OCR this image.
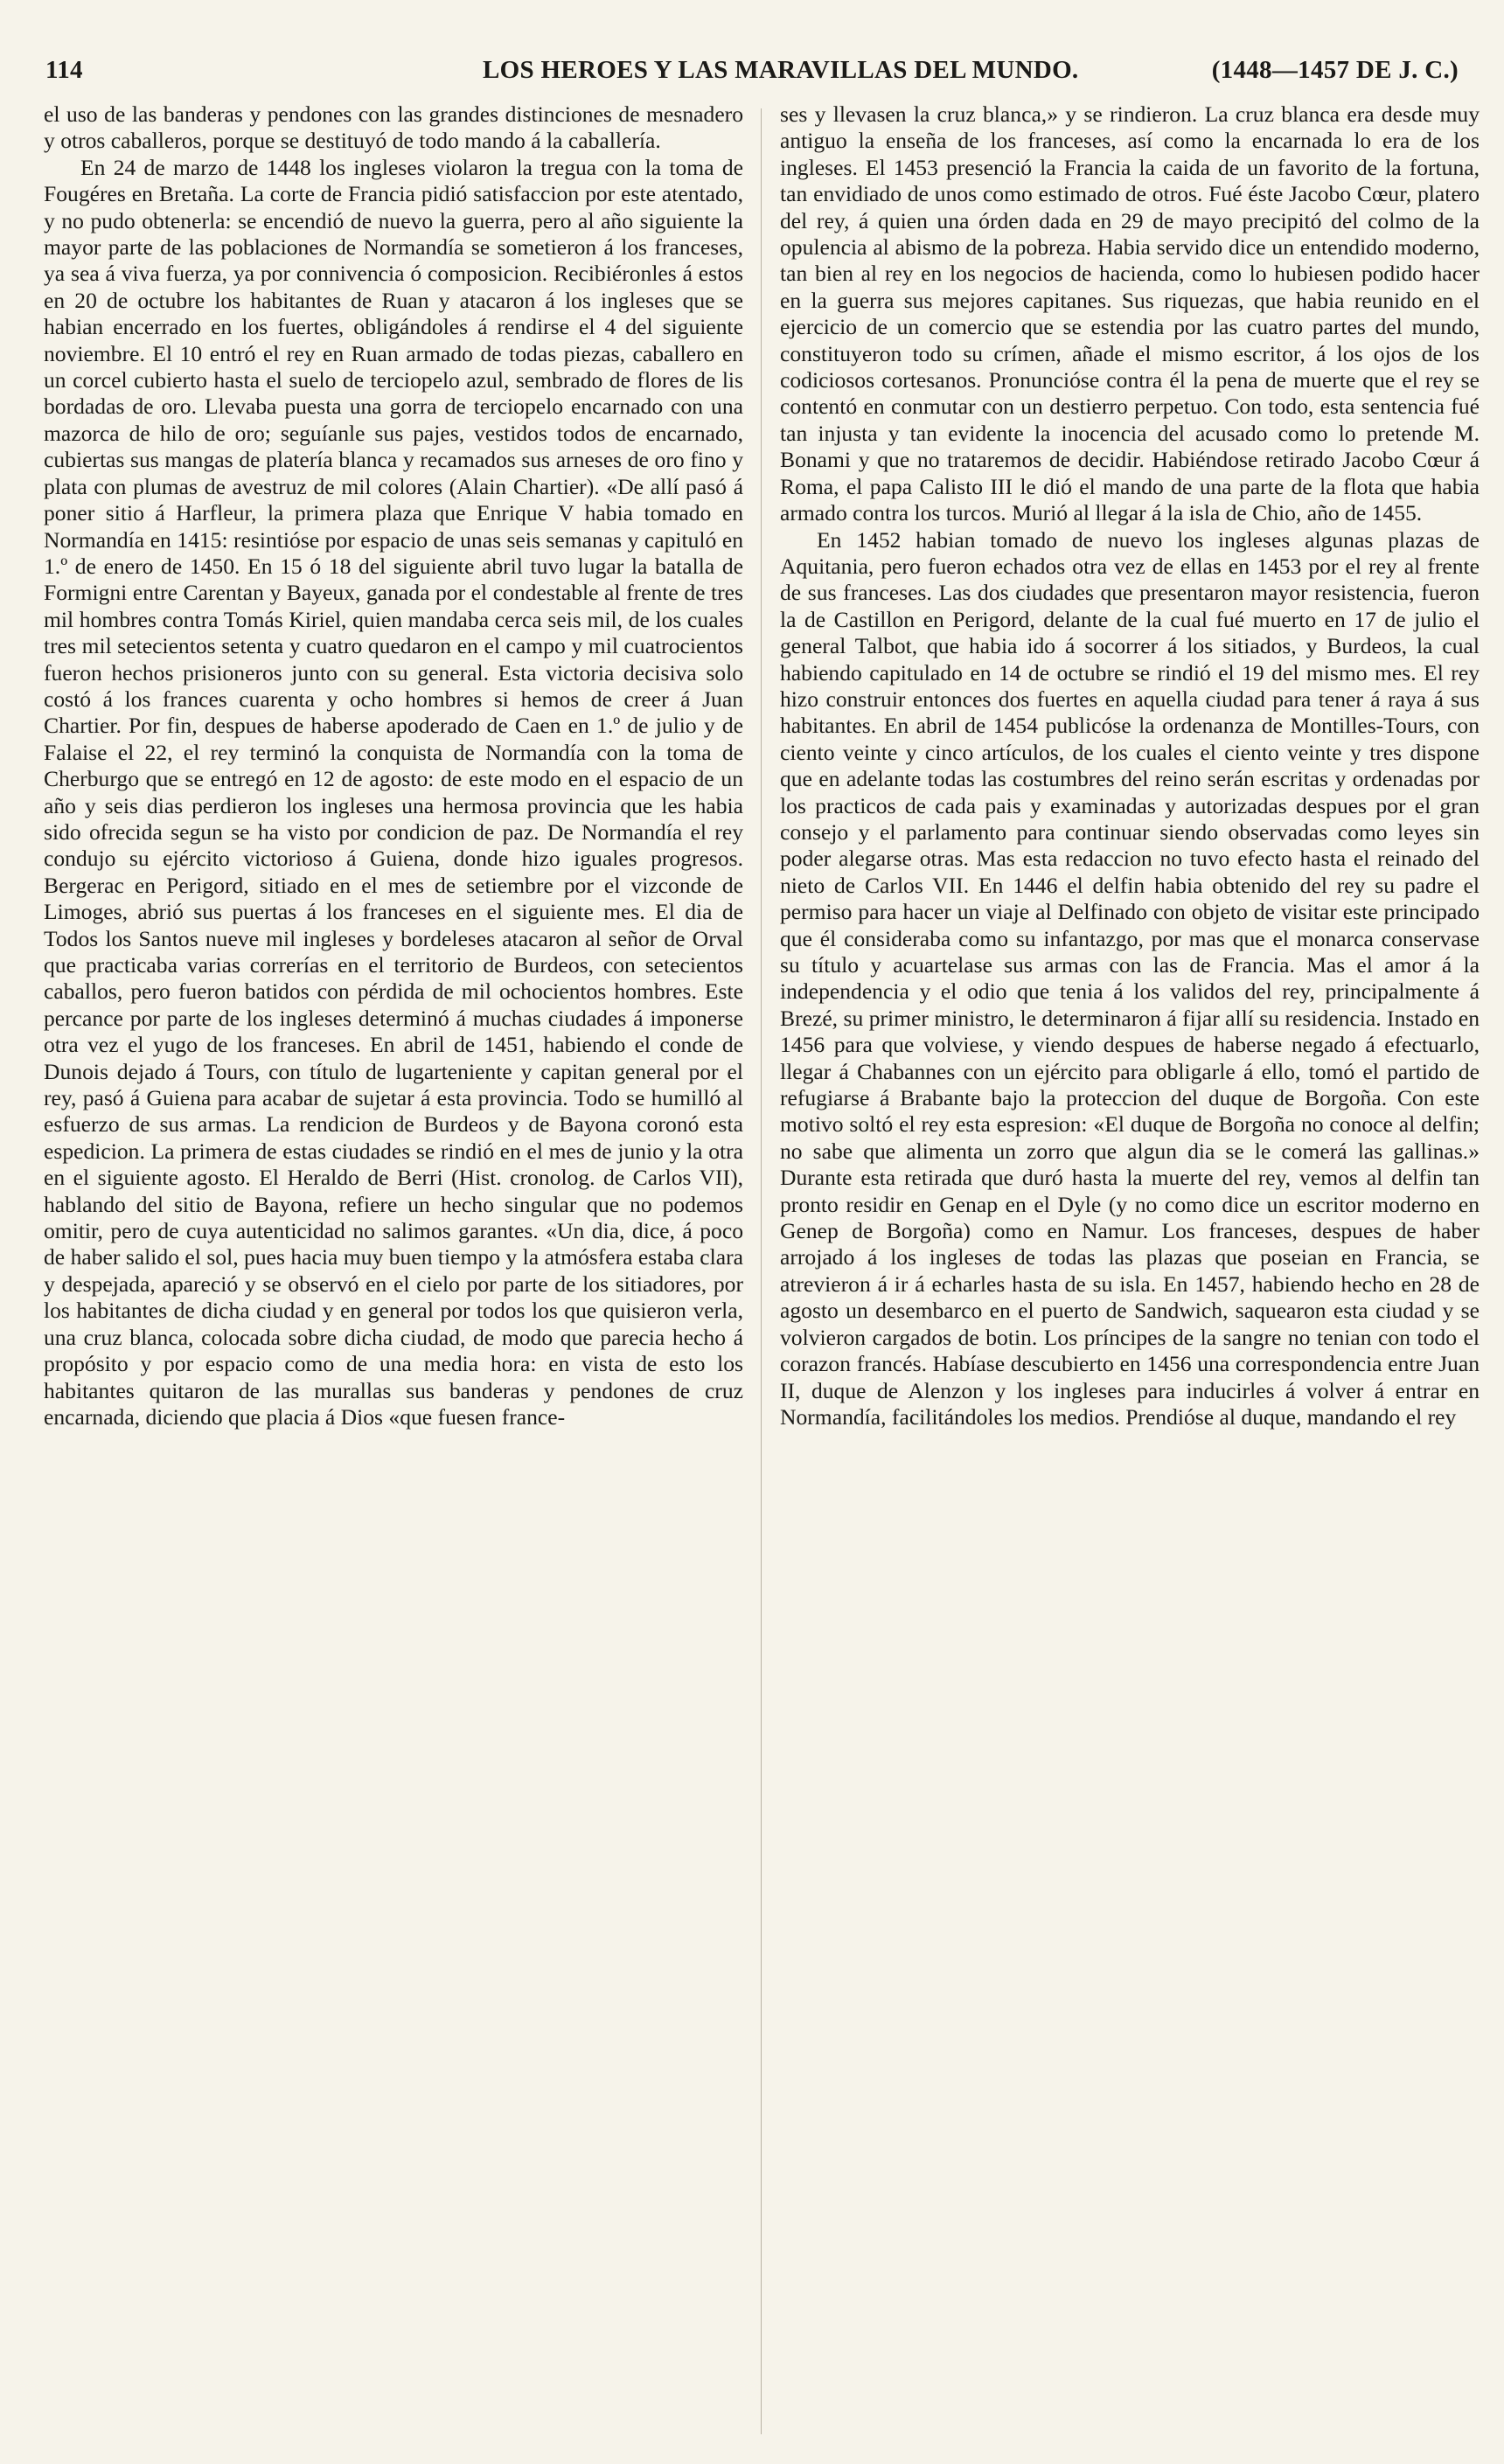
114	LOS HEROES Y LAS MARAVILLAS DEL MUNDO.	(1448—1457 DE J. C.)

el uso de las banderas y pendones con las grandes distinciones de mesnadero y otros caballeros, porque se destituyó de todo mando á la caballería.

En 24 de marzo de 1448 los ingleses violaron la tregua con la toma de Fougéres en Bretaña. La corte de Francia pidió satisfaccion por este atentado, y no pudo obtenerla: se encendió de nuevo la guerra, pero al año siguiente la mayor parte de las poblaciones de Normandía se sometieron á los franceses, ya sea á viva fuerza, ya por connivencia ó composicion. Recibiéronles á estos en 20 de octubre los habitantes de Ruan y atacaron á los ingleses que se habian encerrado en los fuertes, obligándoles á rendirse el 4 del siguiente noviembre. El 10 entró el rey en Ruan armado de todas piezas, caballero en un corcel cubierto hasta el suelo de terciopelo azul, sembrado de flores de lis bordadas de oro. Llevaba puesta una gorra de terciopelo encarnado con una mazorca de hilo de oro; seguíanle sus pajes, vestidos todos de encarnado, cubiertas sus mangas de platería blanca y recamados sus arneses de oro fino y plata con plumas de avestruz de mil colores (Alain Chartier). «De allí pasó á poner sitio á Harfleur, la primera plaza que Enrique V habia tomado en Normandía en 1415: resintióse por espacio de unas seis semanas y capituló en 1.º de enero de 1450. En 15 ó 18 del siguiente abril tuvo lugar la batalla de Formigni entre Carentan y Bayeux, ganada por el condestable al frente de tres mil hombres contra Tomás Kiriel, quien mandaba cerca seis mil, de los cuales tres mil setecientos setenta y cuatro quedaron en el campo y mil cuatrocientos fueron hechos prisioneros junto con su general. Esta victoria decisiva solo costó á los frances cuarenta y ocho hombres si hemos de creer á Juan Chartier. Por fin, despues de haberse apoderado de Caen en 1.º de julio y de Falaise el 22, el rey terminó la conquista de Normandía con la toma de Cherburgo que se entregó en 12 de agosto: de este modo en el espacio de un año y seis dias perdieron los ingleses una hermosa provincia que les habia sido ofrecida segun se ha visto por condicion de paz. De Normandía el rey condujo su ejército victorioso á Guiena, donde hizo iguales progresos. Bergerac en Perigord, sitiado en el mes de setiembre por el vizconde de Limoges, abrió sus puertas á los franceses en el siguiente mes. El dia de Todos los Santos nueve mil ingleses y bordeleses atacaron al señor de Orval que practicaba varias correrías en el territorio de Burdeos, con setecientos caballos, pero fueron batidos con pérdida de mil ochocientos hombres. Este percance por parte de los ingleses determinó á muchas ciudades á imponerse otra vez el yugo de los franceses. En abril de 1451, habiendo el conde de Dunois dejado á Tours, con título de lugarteniente y capitan general por el rey, pasó á Guiena para acabar de sujetar á esta provincia. Todo se humilló al esfuerzo de sus armas. La rendicion de Burdeos y de Bayona coronó esta espedicion. La primera de estas ciudades se rindió en el mes de junio y la otra en el siguiente agosto. El Heraldo de Berri (Hist. cronolog. de Carlos VII), hablando del sitio de Bayona, refiere un hecho singular que no podemos omitir, pero de cuya autenticidad no salimos garantes. «Un dia, dice, á poco de haber salido el sol, pues hacia muy buen tiempo y la atmósfera estaba clara y despejada, apareció y se observó en el cielo por parte de los sitiadores, por los habitantes de dicha ciudad y en general por todos los que quisieron verla, una cruz blanca, colocada sobre dicha ciudad, de modo que parecia hecho á propósito y por espacio como de una media hora: en vista de esto los habitantes quitaron de las murallas sus banderas y pendones de cruz encarnada, diciendo que placia á Dios «que fuesen france-

ses y llevasen la cruz blanca,» y se rindieron. La cruz blanca era desde muy antiguo la enseña de los franceses, así como la encarnada lo era de los ingleses. El 1453 presenció la Francia la caida de un favorito de la fortuna, tan envidiado de unos como estimado de otros. Fué éste Jacobo Cœur, platero del rey, á quien una órden dada en 29 de mayo precipitó del colmo de la opulencia al abismo de la pobreza. Habia servido dice un entendido moderno, tan bien al rey en los negocios de hacienda, como lo hubiesen podido hacer en la guerra sus mejores capitanes. Sus riquezas, que habia reunido en el ejercicio de un comercio que se estendia por las cuatro partes del mundo, constituyeron todo su crímen, añade el mismo escritor, á los ojos de los codiciosos cortesanos. Pronuncióse contra él la pena de muerte que el rey se contentó en conmutar con un destierro perpetuo. Con todo, esta sentencia fué tan injusta y tan evidente la inocencia del acusado como lo pretende M. Bonami y que no trataremos de decidir. Habiéndose retirado Jacobo Cœur á Roma, el papa Calisto III le dió el mando de una parte de la flota que habia armado contra los turcos. Murió al llegar á la isla de Chio, año de 1455.

En 1452 habian tomado de nuevo los ingleses algunas plazas de Aquitania, pero fueron echados otra vez de ellas en 1453 por el rey al frente de sus franceses. Las dos ciudades que presentaron mayor resistencia, fueron la de Castillon en Perigord, delante de la cual fué muerto en 17 de julio el general Talbot, que habia ido á socorrer á los sitiados, y Burdeos, la cual habiendo capitulado en 14 de octubre se rindió el 19 del mismo mes. El rey hizo construir entonces dos fuertes en aquella ciudad para tener á raya á sus habitantes. En abril de 1454 publicóse la ordenanza de Montilles-Tours, con ciento veinte y cinco artículos, de los cuales el ciento veinte y tres dispone que en adelante todas las costumbres del reino serán escritas y ordenadas por los practicos de cada pais y examinadas y autorizadas despues por el gran consejo y el parlamento para continuar siendo observadas como leyes sin poder alegarse otras. Mas esta redaccion no tuvo efecto hasta el reinado del nieto de Carlos VII. En 1446 el delfin habia obtenido del rey su padre el permiso para hacer un viaje al Delfinado con objeto de visitar este principado que él consideraba como su infantazgo, por mas que el monarca conservase su título y acuartelase sus armas con las de Francia. Mas el amor á la independencia y el odio que tenia á los validos del rey, principalmente á Brezé, su primer ministro, le determinaron á fijar allí su residencia. Instado en 1456 para que volviese, y viendo despues de haberse negado á efectuarlo, llegar á Chabannes con un ejército para obligarle á ello, tomó el partido de refugiarse á Brabante bajo la proteccion del duque de Borgoña. Con este motivo soltó el rey esta espresion: «El duque de Borgoña no conoce al delfin; no sabe que alimenta un zorro que algun dia se le comerá las gallinas.» Durante esta retirada que duró hasta la muerte del rey, vemos al delfin tan pronto residir en Genap en el Dyle (y no como dice un escritor moderno en Genep de Borgoña) como en Namur. Los franceses, despues de haber arrojado á los ingleses de todas las plazas que poseian en Francia, se atrevieron á ir á echarles hasta de su isla. En 1457, habiendo hecho en 28 de agosto un desembarco en el puerto de Sandwich, saquearon esta ciudad y se volvieron cargados de botin. Los príncipes de la sangre no tenian con todo el corazon francés. Habíase descubierto en 1456 una correspondencia entre Juan II, duque de Alenzon y los ingleses para inducirles á volver á entrar en Normandía, facilitándoles los medios. Prendióse al duque, mandando el rey
